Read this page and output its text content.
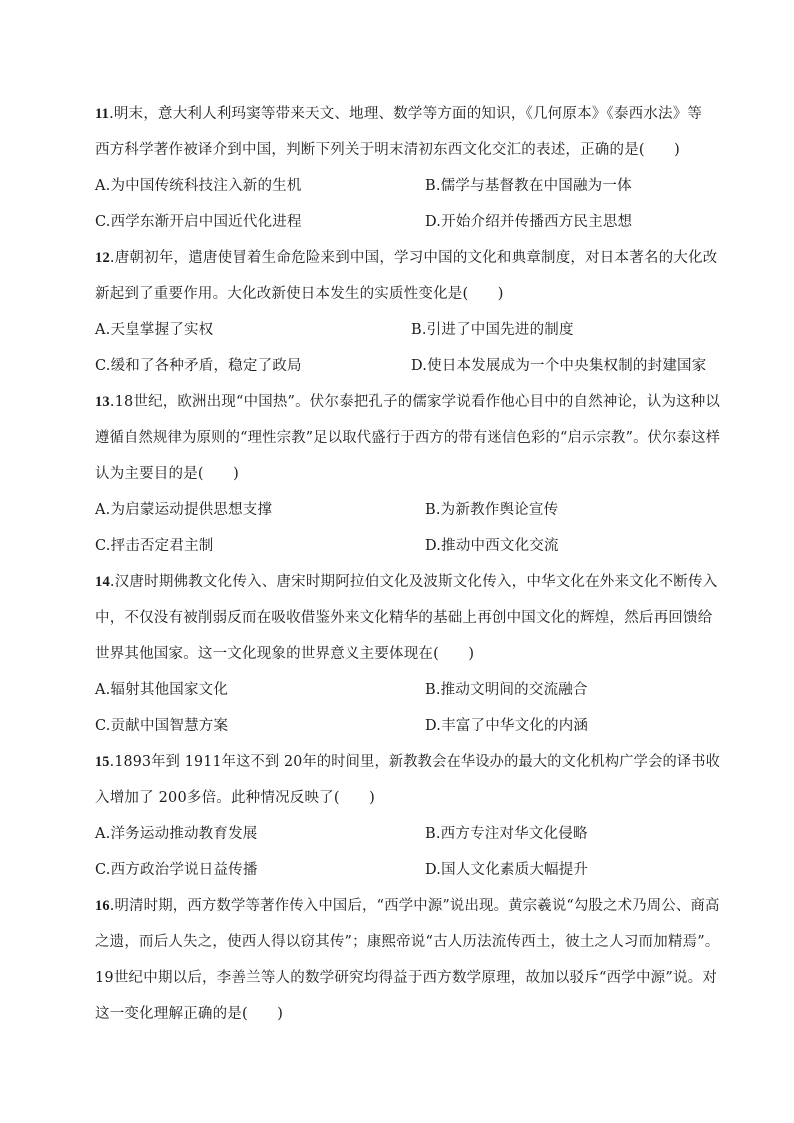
11.明末，意大利人利玛窦等带来天文、地理、数学等方面的知识，《几何原本》《泰西水法》等
西方科学著作被译介到中国，判断下列关于明末清初东西文化交汇的表述，正确的是(　　)
A.为中国传统科技注入新的生机	B.儒学与基督教在中国融为一体
C.西学东渐开启中国近代化进程	D.开始介绍并传播西方民主思想
12.唐朝初年，遣唐使冒着生命危险来到中国，学习中国的文化和典章制度，对日本著名的大化改
新起到了重要作用。大化改新使日本发生的实质性变化是(　　)
A.天皇掌握了实权	B.引进了中国先进的制度
C.缓和了各种矛盾，稳定了政局	D.使日本发展成为一个中央集权制的封建国家
13.18世纪，欧洲出现“中国热”。伏尔泰把孔子的儒家学说看作他心目中的自然神论，认为这种以
遵循自然规律为原则的“理性宗教”足以取代盛行于西方的带有迷信色彩的“启示宗教”。伏尔泰这样
认为主要目的是(　　)
A.为启蒙运动提供思想支撑	B.为新教作舆论宣传
C.抨击否定君主制	D.推动中西文化交流
14.汉唐时期佛教文化传入、唐宋时期阿拉伯文化及波斯文化传入，中华文化在外来文化不断传入
中，不仅没有被削弱反而在吸收借鉴外来文化精华的基础上再创中国文化的辉煌，然后再回馈给
世界其他国家。这一文化现象的世界意义主要体现在(　　)
A.辐射其他国家文化	B.推动文明间的交流融合
C.贡献中国智慧方案	D.丰富了中华文化的内涵
15.1893年到 1911年这不到 20年的时间里，新教教会在华设办的最大的文化机构广学会的译书收
入增加了 200多倍。此种情况反映了(　　)
A.洋务运动推动教育发展	B.西方专注对华文化侵略
C.西方政治学说日益传播	D.国人文化素质大幅提升
16.明清时期，西方数学等著作传入中国后，“西学中源”说出现。黄宗羲说“勾股之术乃周公、商高
之遗，而后人失之，使西人得以窃其传”；康熙帝说“古人历法流传西土，彼土之人习而加精焉”。
19世纪中期以后，李善兰等人的数学研究均得益于西方数学原理，故加以驳斥“西学中源”说。对
这一变化理解正确的是(　　)
